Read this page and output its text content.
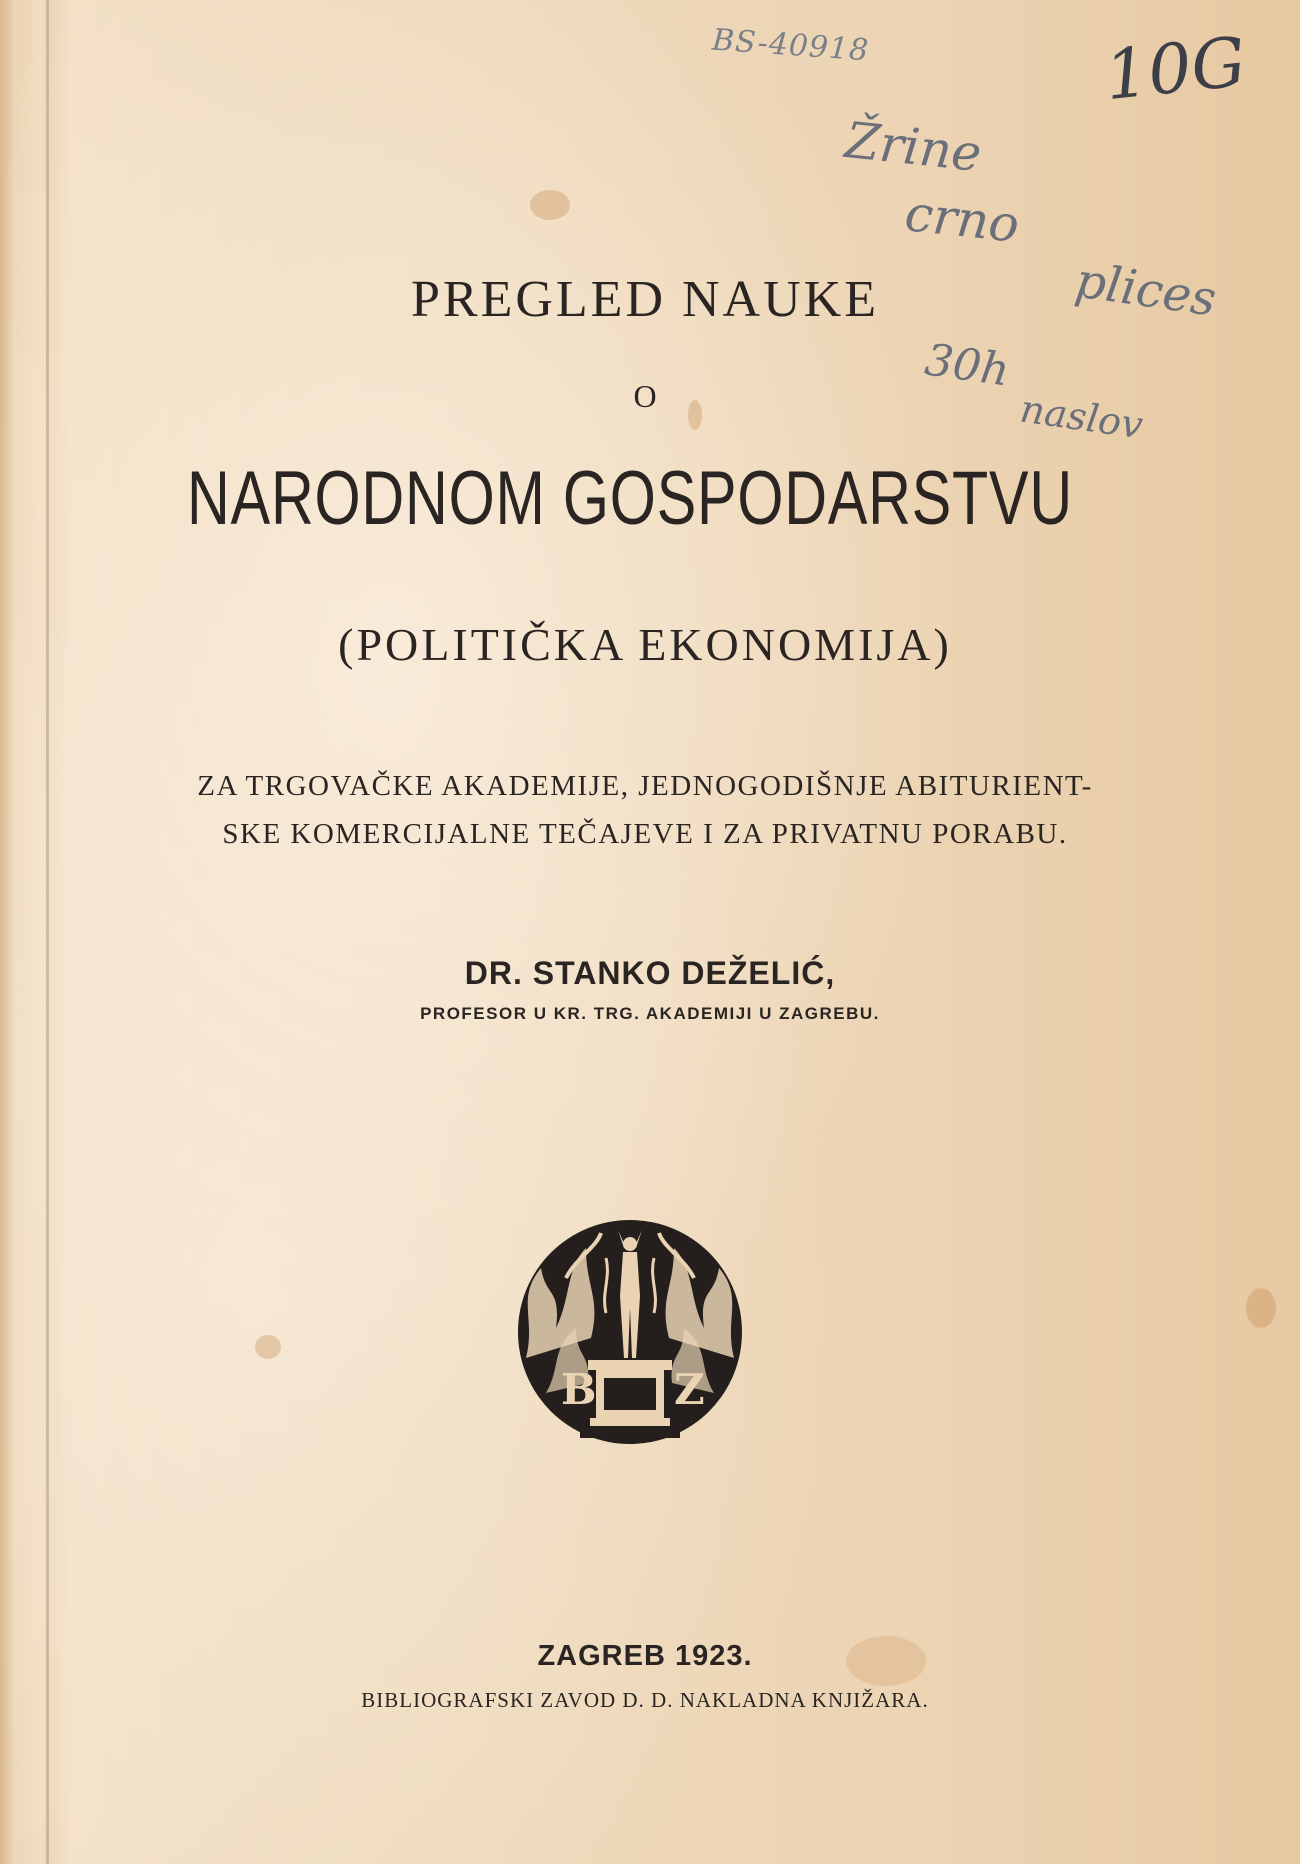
BS-40918	10G
Žrine
crno
plices
30h
naslov
PREGLED NAUKE
O
NARODNOM GOSPODARSTVU
(POLITIČKA EKONOMIJA)
ZA TRGOVAČKE AKADEMIJE, JEDNOGODIŠNJE ABITURIENT-
SKE KOMERCIJALNE TEČAJEVE I ZA PRIVATNU PORABU.
DR. STANKO DEŽELIĆ,
PROFESOR U KR. TRG. AKADEMIJI U ZAGREBU.
B Z
ZAGREB 1923.
BIBLIOGRAFSKI ZAVOD D. D. NAKLADNA KNJIŽARA.
